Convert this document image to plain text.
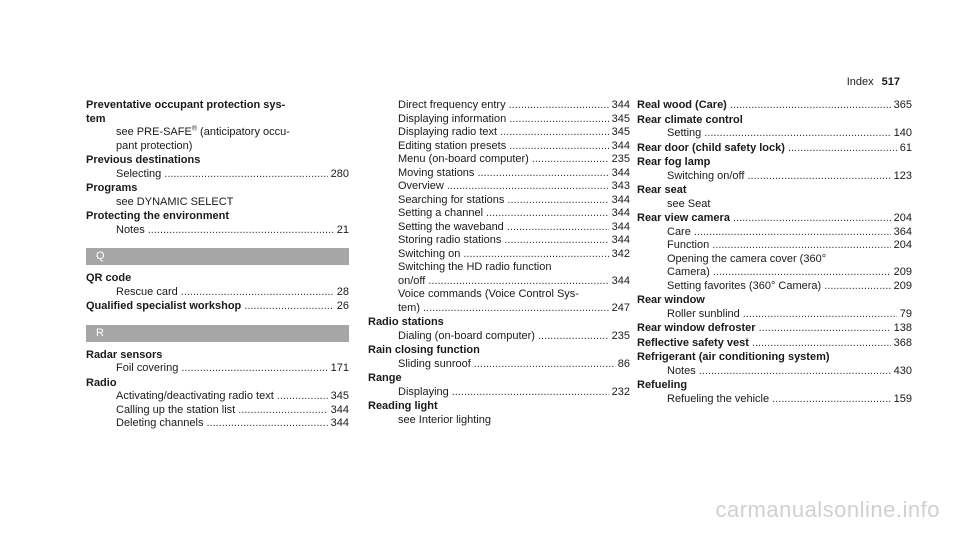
Index 517
Preventative occupant protection sys-
tem
see PRE-SAFE® (anticipatory occu-
pant protection)
Previous destinations
Selecting .....	280
Programs
see DYNAMIC SELECT
Protecting the environment
Notes .....	21
Q
QR code
Rescue card .....	28
Qualified specialist workshop .....	26
R
Radar sensors
Foil covering .....	171
Radio
Activating/deactivating radio text .....	345
Calling up the station list .....	344
Deleting channels .....	344
Direct frequency entry .....	344
Displaying information .....	345
Displaying radio text .....	345
Editing station presets .....	344
Menu (on-board computer) .....	235
Moving stations .....	344
Overview .....	343
Searching for stations .....	344
Setting a channel .....	344
Setting the waveband .....	344
Storing radio stations .....	344
Switching on .....	342
Switching the HD radio function
on/off .....	344
Voice commands (Voice Control Sys-
tem) .....	247
Radio stations
Dialing (on-board computer) .....	235
Rain closing function
Sliding sunroof .....	86
Range
Displaying .....	232
Reading light
see Interior lighting
Real wood (Care) .....	365
Rear climate control
Setting .....	140
Rear door (child safety lock) .....	61
Rear fog lamp
Switching on/off .....	123
Rear seat
see Seat
Rear view camera .....	204
Care .....	364
Function .....	204
Opening the camera cover (360°
Camera) .....	209
Setting favorites (360° Camera) .....	209
Rear window
Roller sunblind .....	79
Rear window defroster .....	138
Reflective safety vest .....	368
Refrigerant (air conditioning system)
Notes .....	430
Refueling
Refueling the vehicle .....	159
carmanualsonline.info
